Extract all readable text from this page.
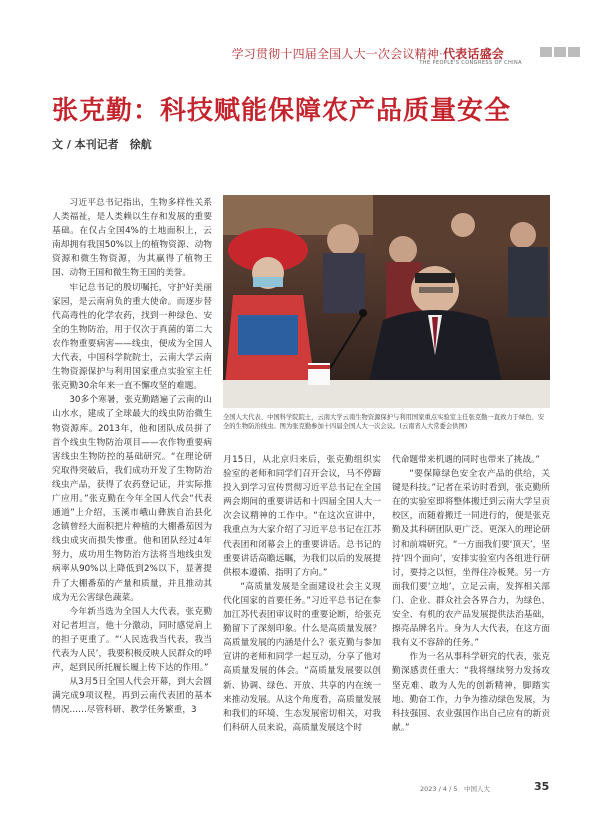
学习贯彻十四届全国人大一次会议精神·代表话盛会
THE PEOPLE'S CONGRESS OF CHINA
张克勤：科技赋能保障农产品质量安全
文 / 本刊记者　徐航

习近平总书记指出，生物多样性关系人类福祉，是人类赖以生存和发展的重要基础。在仅占全国4%的土地面积上，云南却拥有我国50%以上的植物资源、动物资源和微生物资源，为其赢得了植物王国、动物王国和微生物王国的美誉。

牢记总书记的殷切嘱托，守护好美丽家园，是云南肩负的重大使命。而逐步替代高毒性的化学农药，找到一种绿色、安全的生物防治，用于仅次于真菌的第二大农作物重要病害——线虫，便成为全国人大代表，中国科学院院士，云南大学云南生物资源保护与利用国家重点实验室主任张克勤30余年来一直不懈攻坚的难题。

30多个寒暑，张克勤踏遍了云南的山山水水，建成了全球最大的线虫防治微生物资源库。2013年，他和团队成员拼了首个线虫生物防治项目——农作物重要病害线虫生物防控的基础研究。“在理论研究取得突破后，我们成功开发了生物防治线虫产品，获得了农药登记证，并实际推广应用。”张克勤在今年全国人代会“代表通道”上介绍，玉溪市峨山彝族自治县化念镇曾经大面积把片种植的大棚番茄因为线虫成灾而损失惨重。他和团队经过4年努力，成功用生物防治方法将当地线虫发病率从90%以上降低到2%以下，显著提升了大棚番茄的产量和质量，并且推动其成为无公害绿色蔬菜。

今年新当选为全国人大代表，张克勤对记者坦言，他十分激动，同时感觉肩上的担子更重了。“‘人民选我当代表，我当代表为人民’，我要积极反映人民群众的呼声，起到民所托履长履上传下达的作用。”

从3月5日全国人代会开幕，到大会圆满完成9项议程，再到云南代表团的基本情况……尽管科研、教学任务繁重，3

全国人大代表、中国科学院院士，云南大学云南生物资源保护与利用国家重点实验室主任张克勤一直致力于绿色、安全的生物防治线虫。图为张克勤参加十四届全国人大一次会议。(云南省人大常委会供图)

月15日，从北京归来后，张克勤组织实验室的老师和同学们召开会议，马不停蹄投入到学习宣传贯彻习近平总书记在全国两会期间的重要讲话和十四届全国人大一次会议精神的工作中。“在这次宣讲中，我重点为大家介绍了习近平总书记在江苏代表团和闭幕会上的重要讲话。总书记的重要讲话高瞻远瞩，为我们以后的发展提供根本遵循、指明了方向。”

“高质量发展是全面建设社会主义现代化国家的首要任务。”习近平总书记在参加江苏代表团审议时的重要论断，给张克勤留下了深刻印象。什么是高质量发展？高质量发展的内涵是什么？张克勤与参加宣讲的老师和同学一起互动，分享了他对高质量发展的体会。“高质量发展要以创新、协调、绿色、开放、共享的内在统一来推动发展。从这个角度看，高质量发展和我们的环境、生态发展密切相关，对我们科研人员来说，高质量发展这个时

代命题带来机遇的同时也带来了挑战。”

“要保障绿色安全农产品的供给，关键是科技。”记者在采访时看到，张克勤所在的实验室即将整体搬迁到云南大学呈贡校区，而随着搬迁一同进行的，便是张克勤及其科研团队更广泛、更深入的理论研讨和前端研究。“一方面我们要‘顶天’，坚持‘四个面向’，安排实验室内各组进行研讨，要持之以恒，坐得住冷板凳。另一方面我们要‘立地’，立足云南，发挥相关部门、企业、群众社会各界合力，为绿色、安全、有机的农产品发展提供法治基础，擦亮品牌名片。身为人大代表，在这方面我有义不容辞的任务。”

作为一名从事科学研究的代表，张克勤深感责任重大：“我将继续努力发扬攻坚克难、敢为人先的创新精神，脚踏实地、勤奋工作，力争为推动绿色发展，为科技强国、农业强国作出自己应有的新贡献。”

2023 / 4 / 5　中国人大	35
